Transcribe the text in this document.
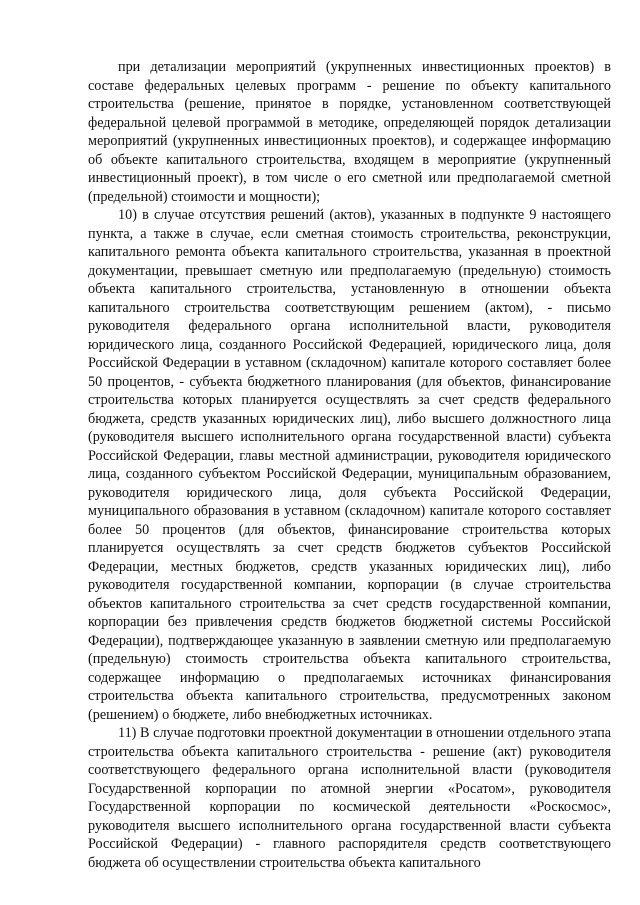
при детализации мероприятий (укрупненных инвестиционных проектов) в составе федеральных целевых программ - решение по объекту капитального строительства (решение, принятое в порядке, установленном соответствующей федеральной целевой программой в методике, определяющей порядок детализации мероприятий (укрупненных инвестиционных проектов), и содержащее информацию об объекте капитального строительства, входящем в мероприятие (укрупненный инвестиционный проект), в том числе о его сметной или предполагаемой сметной (предельной) стоимости и мощности);

10) в случае отсутствия решений (актов), указанных в подпункте 9 настоящего пункта, а также в случае, если сметная стоимость строительства, реконструкции, капитального ремонта объекта капитального строительства, указанная в проектной документации, превышает сметную или предполагаемую (предельную) стоимость объекта капитального строительства, установленную в отношении объекта капитального строительства соответствующим решением (актом), - письмо руководителя федерального органа исполнительной власти, руководителя юридического лица, созданного Российской Федерацией, юридического лица, доля Российской Федерации в уставном (складочном) капитале которого составляет более 50 процентов, - субъекта бюджетного планирования (для объектов, финансирование строительства которых планируется осуществлять за счет средств федерального бюджета, средств указанных юридических лиц), либо высшего должностного лица (руководителя высшего исполнительного органа государственной власти) субъекта Российской Федерации, главы местной администрации, руководителя юридического лица, созданного субъектом Российской Федерации, муниципальным образованием, руководителя юридического лица, доля субъекта Российской Федерации, муниципального образования в уставном (складочном) капитале которого составляет более 50 процентов (для объектов, финансирование строительства которых планируется осуществлять за счет средств бюджетов субъектов Российской Федерации, местных бюджетов, средств указанных юридических лиц), либо руководителя государственной компании, корпорации (в случае строительства объектов капитального строительства за счет средств государственной компании, корпорации без привлечения средств бюджетов бюджетной системы Российской Федерации), подтверждающее указанную в заявлении сметную или предполагаемую (предельную) стоимость строительства объекта капитального строительства, содержащее информацию о предполагаемых источниках финансирования строительства объекта капитального строительства, предусмотренных законом (решением) о бюджете, либо внебюджетных источниках.

11) В случае подготовки проектной документации в отношении отдельного этапа строительства объекта капитального строительства - решение (акт) руководителя соответствующего федерального органа исполнительной власти (руководителя Государственной корпорации по атомной энергии «Росатом», руководителя Государственной корпорации по космической деятельности «Роскосмос», руководителя высшего исполнительного органа государственной власти субъекта Российской Федерации) - главного распорядителя средств соответствующего бюджета об осуществлении строительства объекта капитального
